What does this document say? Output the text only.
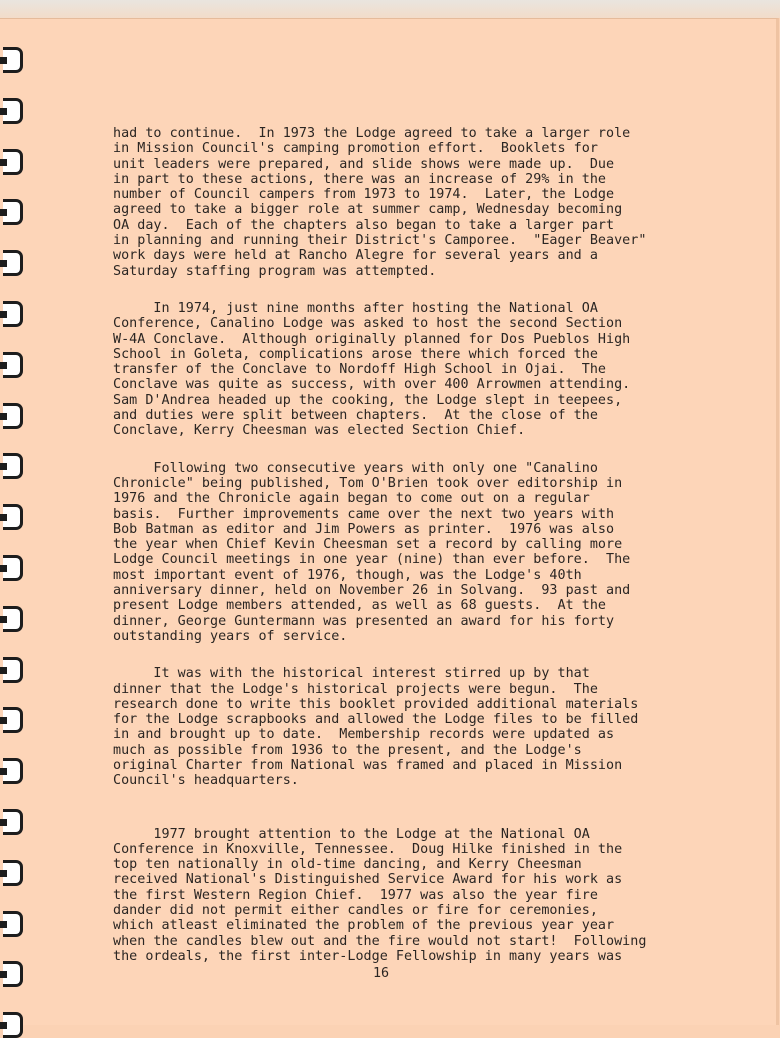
had to continue.  In 1973 the Lodge agreed to take a larger role
in Mission Council's camping promotion effort.  Booklets for
unit leaders were prepared, and slide shows were made up.  Due
in part to these actions, there was an increase of 29% in the
number of Council campers from 1973 to 1974.  Later, the Lodge
agreed to take a bigger role at summer camp, Wednesday becoming
OA day.  Each of the chapters also began to take a larger part
in planning and running their District's Camporee.  "Eager Beaver"
work days were held at Rancho Alegre for several years and a
Saturday staffing program was attempted.

In 1974, just nine months after hosting the National OA
Conference, Canalino Lodge was asked to host the second Section
W-4A Conclave.  Although originally planned for Dos Pueblos High
School in Goleta, complications arose there which forced the
transfer of the Conclave to Nordoff High School in Ojai.  The
Conclave was quite as success, with over 400 Arrowmen attending.
Sam D'Andrea headed up the cooking, the Lodge slept in teepees,
and duties were split between chapters.  At the close of the
Conclave, Kerry Cheesman was elected Section Chief.

Following two consecutive years with only one "Canalino
Chronicle" being published, Tom O'Brien took over editorship in
1976 and the Chronicle again began to come out on a regular
basis.  Further improvements came over the next two years with
Bob Batman as editor and Jim Powers as printer.  1976 was also
the year when Chief Kevin Cheesman set a record by calling more
Lodge Council meetings in one year (nine) than ever before.  The
most important event of 1976, though, was the Lodge's 40th
anniversary dinner, held on November 26 in Solvang.  93 past and
present Lodge members attended, as well as 68 guests.  At the
dinner, George Guntermann was presented an award for his forty
outstanding years of service.

It was with the historical interest stirred up by that
dinner that the Lodge's historical projects were begun.  The
research done to write this booklet provided additional materials
for the Lodge scrapbooks and allowed the Lodge files to be filled
in and brought up to date.  Membership records were updated as
much as possible from 1936 to the present, and the Lodge's
original Charter from National was framed and placed in Mission
Council's headquarters.

1977 brought attention to the Lodge at the National OA
Conference in Knoxville, Tennessee.  Doug Hilke finished in the
top ten nationally in old-time dancing, and Kerry Cheesman
received National's Distinguished Service Award for his work as
the first Western Region Chief.  1977 was also the year fire
dander did not permit either candles or fire for ceremonies,
which atleast eliminated the problem of the previous year year
when the candles blew out and the fire would not start!  Following
the ordeals, the first inter-Lodge Fellowship in many years was

16
